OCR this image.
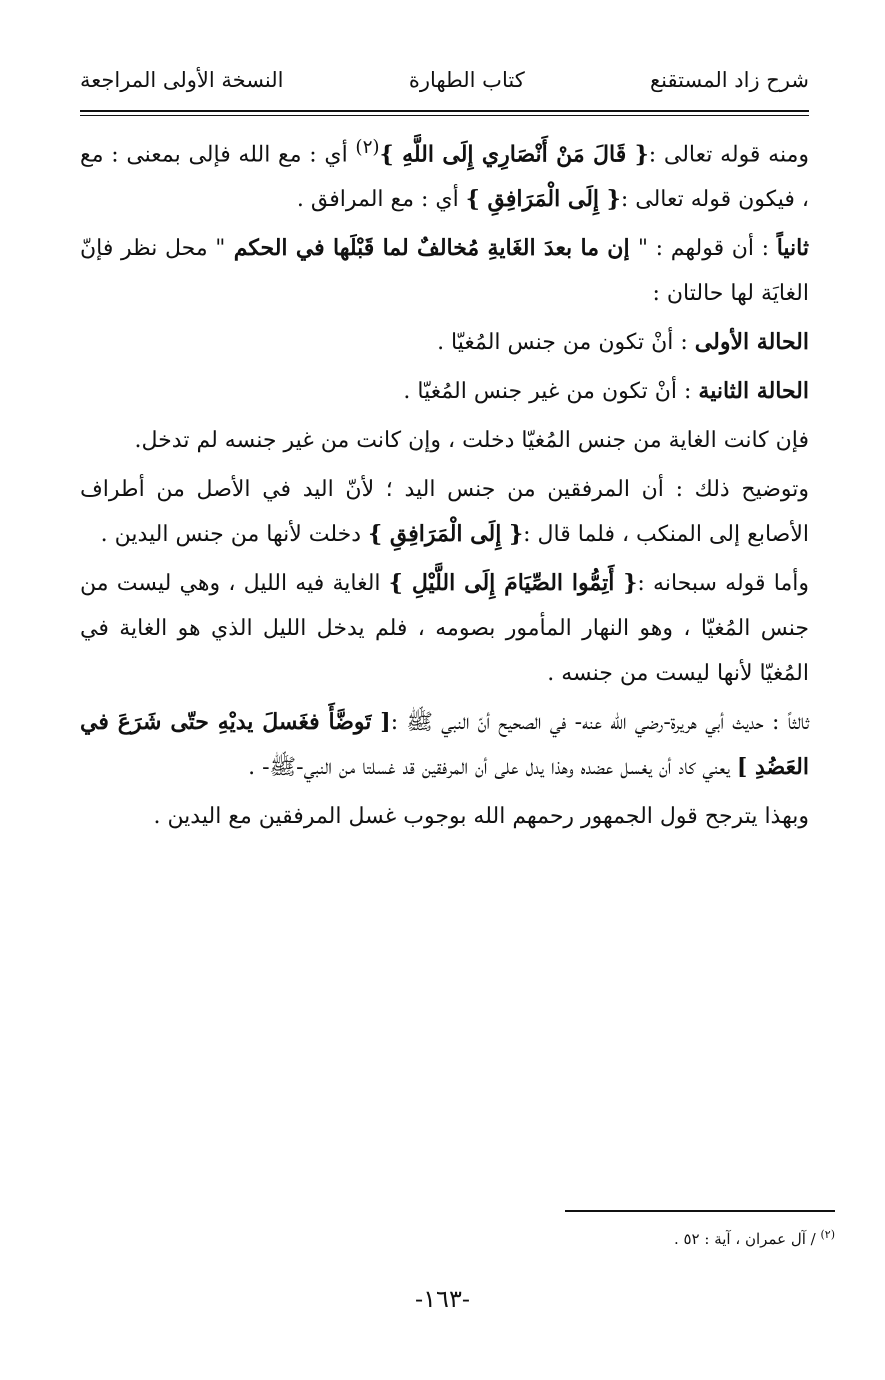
شرح زاد المستقنع
كتاب الطهارة
النسخة الأولى المراجعة

ومنه قوله تعالى :{ قَالَ مَنْ أَنْصَارِي إِلَى اللَّهِ }$^{(٢)}$ أي : مع الله فإلى بمعنى : مع ، فيكون قوله تعالى :{ إِلَى الْمَرَافِقِ } أي : مع المرافق .

ثانياً : أن قولهم : " إن ما بعدَ الغَايةِ مُخالفٌ لما قَبْلَها في الحكم " محل نظر فإنّ الغايَة لها حالتان :

الحالة الأولى : أنْ تكون من جنس المُغيّا .

الحالة الثانية : أنْ تكون من غير جنس المُغيّا .

فإن كانت الغاية من جنس المُغيّا دخلت ، وإن كانت من غير جنسه لم تدخل.

وتوضيح ذلك : أن المرفقين من جنس اليد ؛ لأنّ اليد في الأصل من أطراف الأصابع إلى المنكب ، فلما قال :{ إِلَى الْمَرَافِقِ } دخلت لأنها من جنس اليدين .

وأما قوله سبحانه :{ أَتِمُّوا الصِّيَامَ إِلَى اللَّيْلِ } الغاية فيه الليل ، وهي ليست من جنس المُغيّا ، وهو النهار المأمور بصومه ، فلم يدخل الليل الذي هو الغاية في المُغيّا لأنها ليست من جنسه .

ثالثاً : حديث أبي هريرة-رضي الله عنه- في الصحيح أنّ النبي ﷺ :[ تَوضَّأَ فغَسلَ يديْهِ حتّى شَرَعَ في العَضُدِ ] يعني كاد أن يغسل عضده وهذا يدل على أن المرفقين قد غسلتا من النبي-ﷺ- .

وبهذا يترجح قول الجمهور رحمهم الله بوجوب غسل المرفقين مع اليدين .

$^{(٢)}$ / آل عمران ، آية : ٥٢ .
-١٦٣-
